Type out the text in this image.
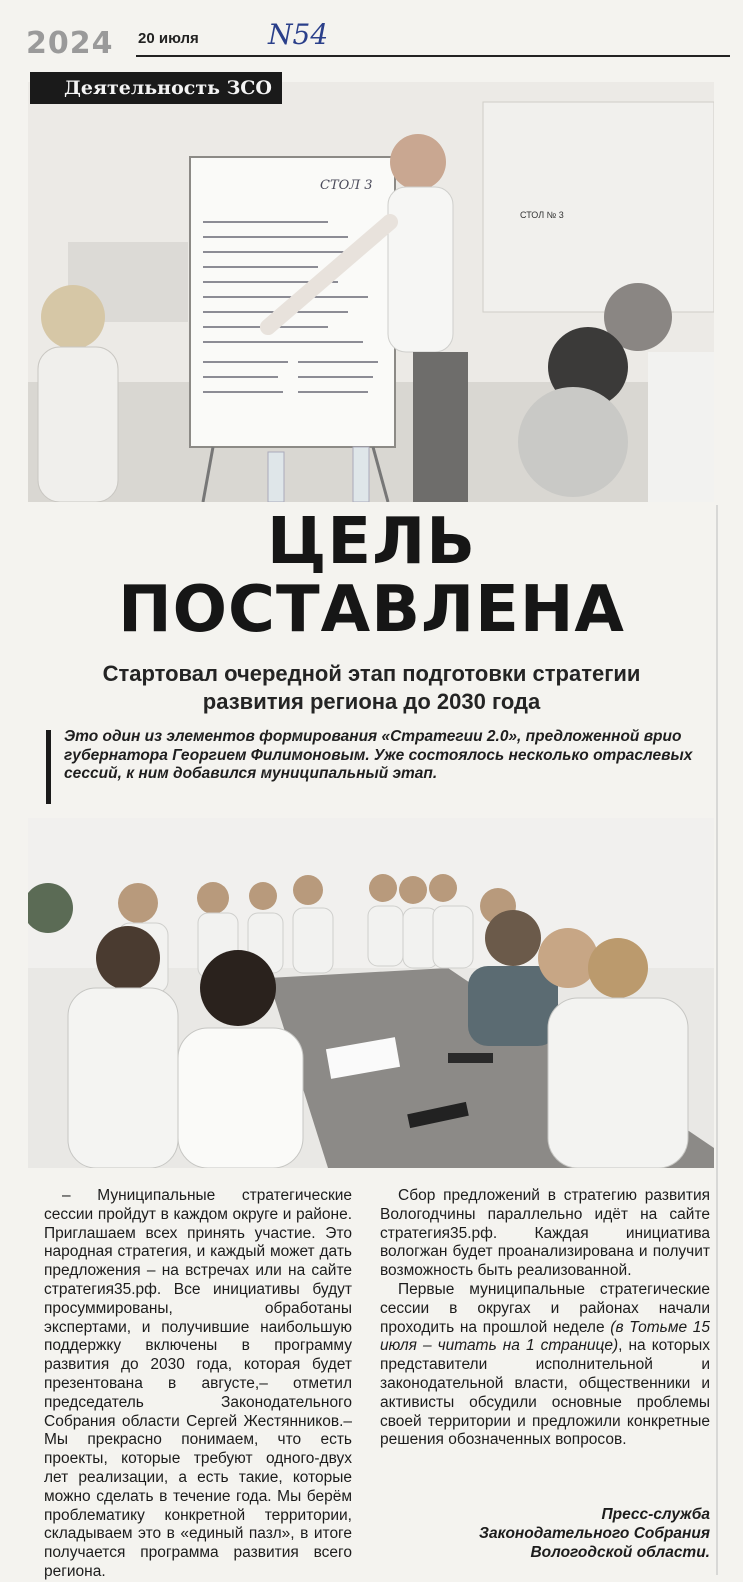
2024 20 июля N54

Деятельность ЗСО
СТОЛ 3
СТОЛ № 3
ЦЕЛЬ
ПОСТАВЛЕНА
Стартовал очередной этап подготовки стратегии
развития региона до 2030 года
Это один из элементов формирования «Стратегии 2.0», предложенной врио губернатора Георгием Филимоновым. Уже состоялось несколько отраслевых сессий, к ним добавился муниципальный этап.

– Муниципальные стратегические сессии пройдут в каждом округе и районе. Приглашаем всех принять участие. Это народная стратегия, и каждый может дать предложения – на встречах или на сайте стратегия35.рф. Все инициативы будут просуммированы, обработаны экспертами, и получившие наибольшую поддержку включены в программу развития до 2030 года, которая будет презентована в августе,– отметил председатель Законодательного Собрания области Сергей Жестянников.– Мы прекрасно понимаем, что есть проекты, которые требуют одного-двух лет реализации, а есть такие, которые можно сделать в течение года. Мы берём проблематику конкретной территории, складываем это в «единый пазл», в итоге получается программа развития всего региона.

Сбор предложений в стратегию развития Вологодчины параллельно идёт на сайте стратегия35.рф. Каждая инициатива вологжан будет проанализирована и получит возможность быть реализованной.

Первые муниципальные стратегические сессии в округах и районах начали проходить на прошлой неделе (в Тотьме 15 июля – читать на 1 странице), на которых представители исполнительной и законодательной власти, общественники и активисты обсудили основные проблемы своей территории и предложили конкретные решения обозначенных вопросов.

Пресс-служба
Законодательного Собрания
Вологодской области.
